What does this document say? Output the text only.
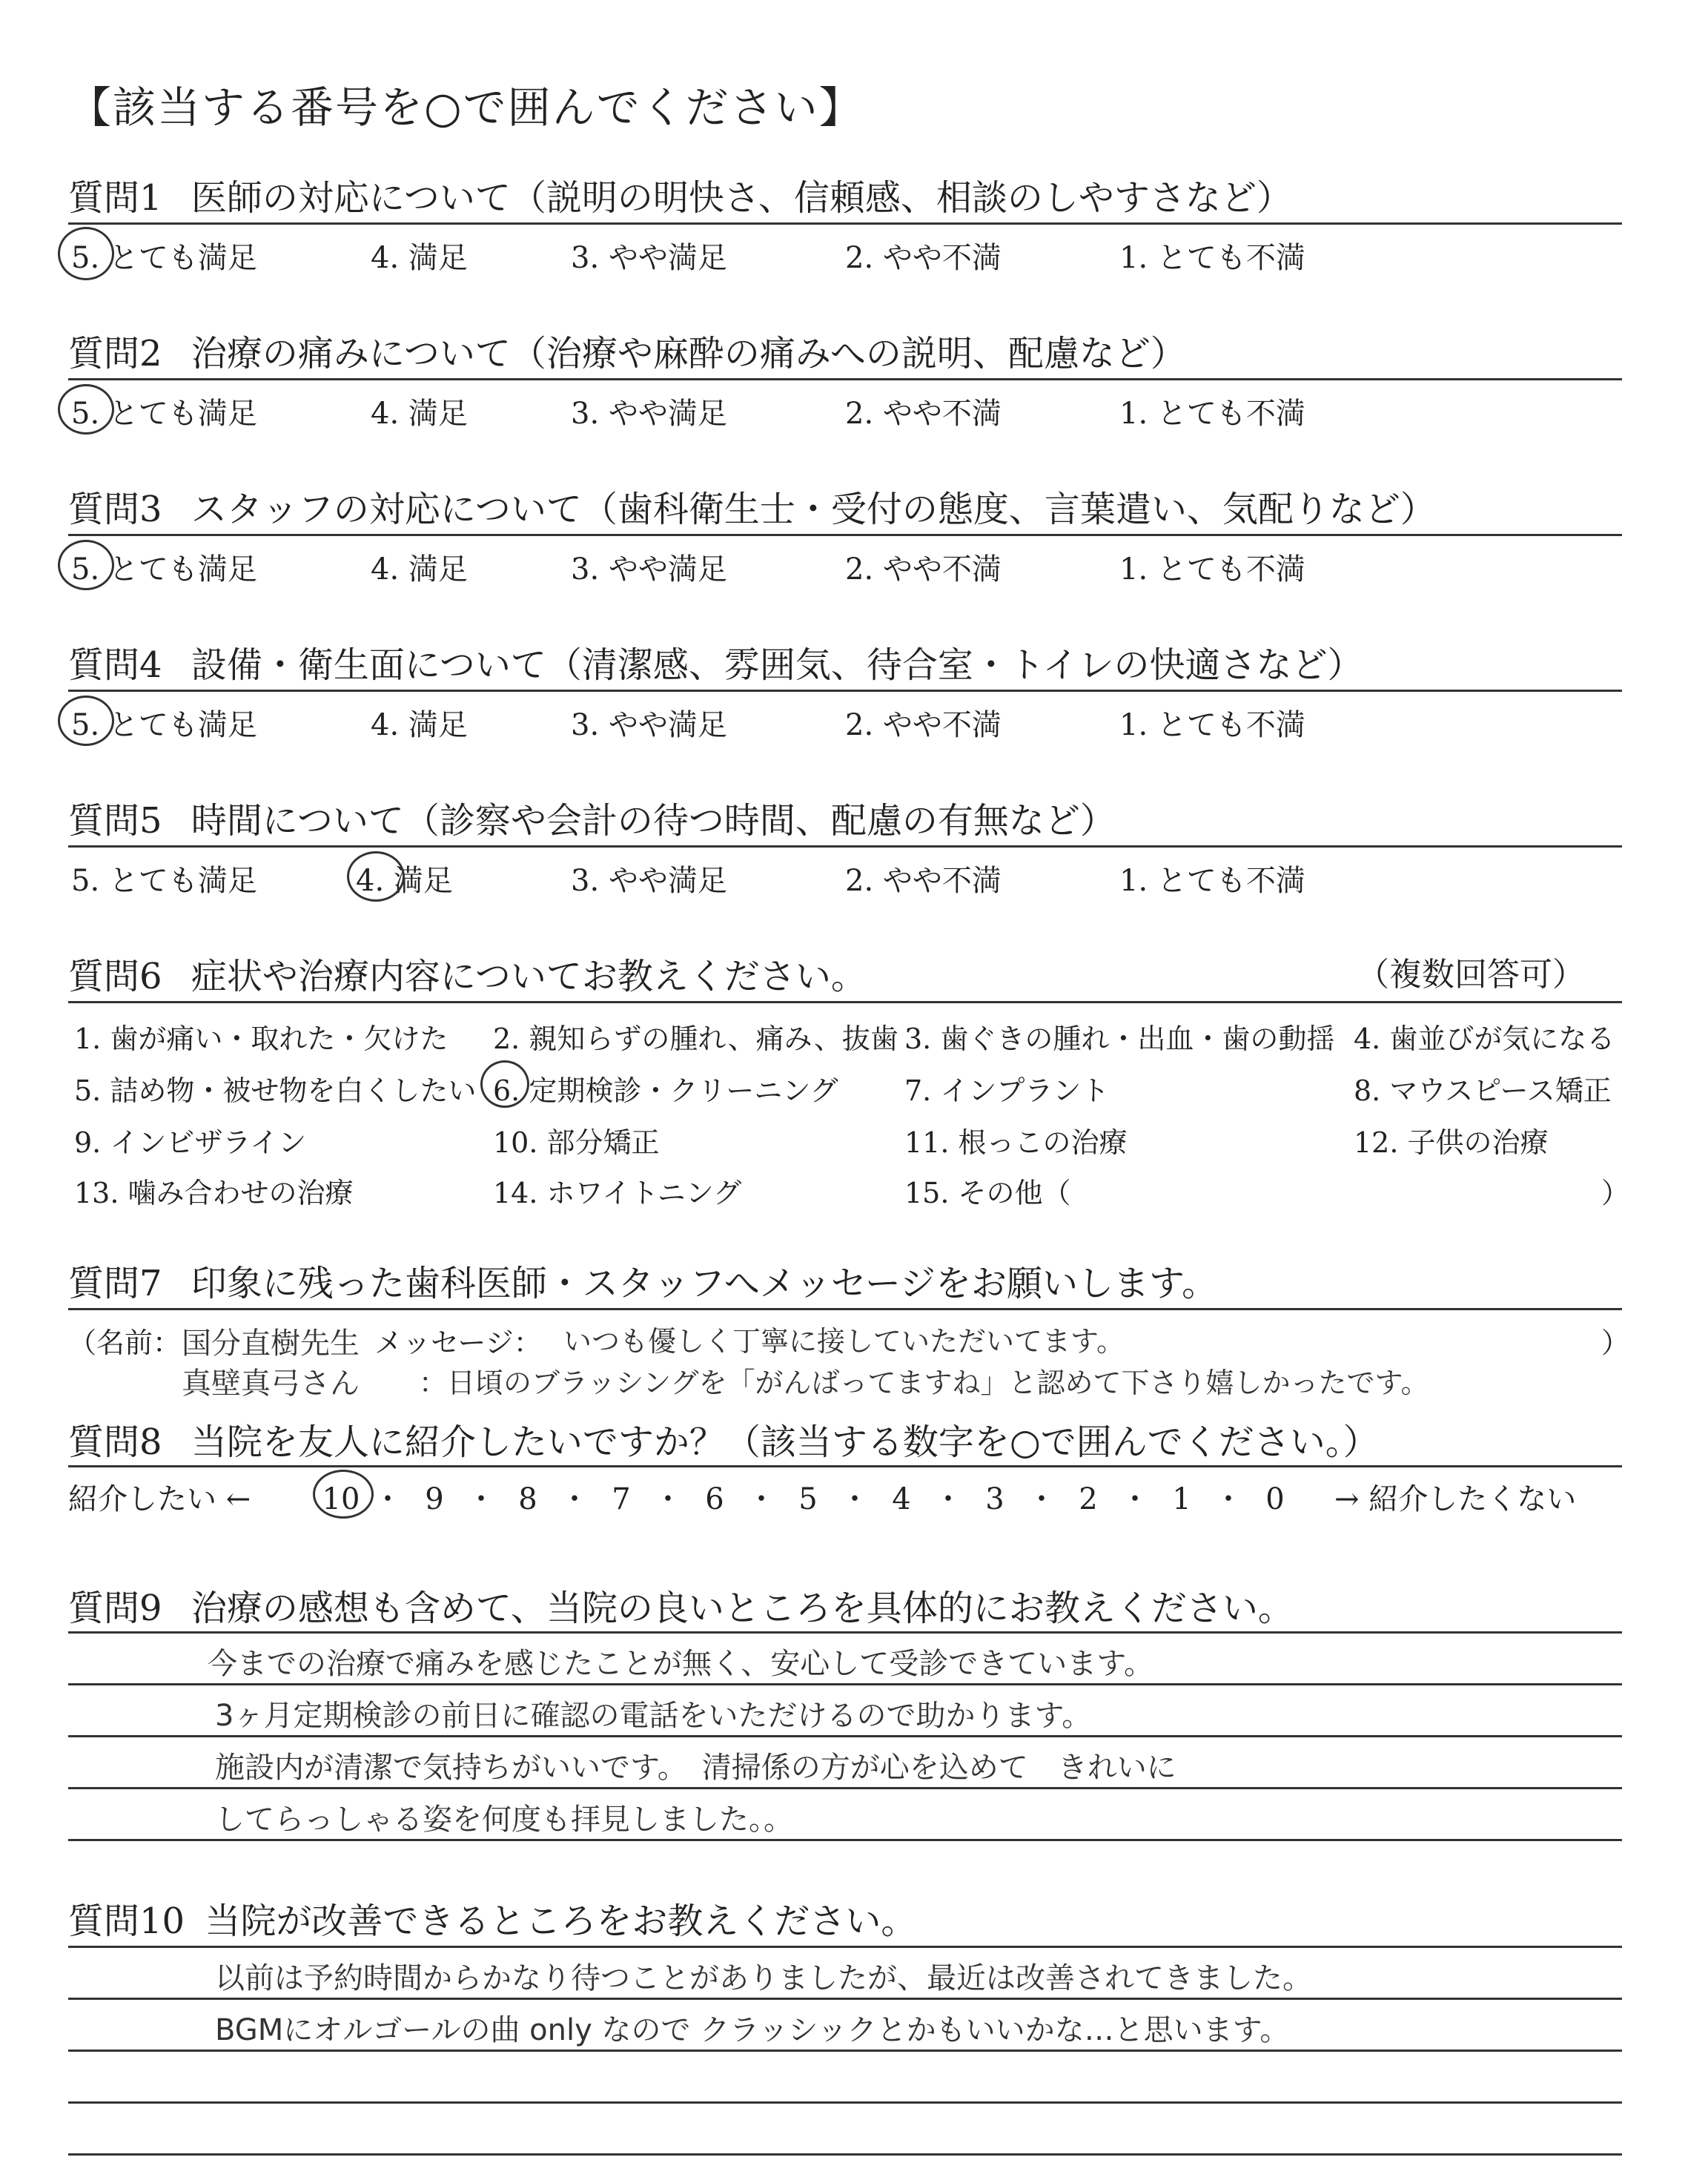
【該当する番号を○で囲んでください】
質問1 医師の対応について（説明の明快さ、信頼感、相談のしやすさなど）
5. とても満足	4. 満足	3. やや満足	2. やや不満	1. とても不満
質問2 治療の痛みについて（治療や麻酔の痛みへの説明、配慮など）
5. とても満足	4. 満足	3. やや満足	2. やや不満	1. とても不満
質問3 スタッフの対応について（歯科衛生士・受付の態度、言葉遣い、気配りなど）
5. とても満足	4. 満足	3. やや満足	2. やや不満	1. とても不満
質問4 設備・衛生面について（清潔感、雰囲気、待合室・トイレの快適さなど）
5. とても満足	4. 満足	3. やや満足	2. やや不満	1. とても不満
質問5 時間について（診察や会計の待つ時間、配慮の有無など）
5. とても満足	4. 満足	3. やや満足	2. やや不満	1. とても不満
質問6 症状や治療内容についてお教えください。	（複数回答可）
1. 歯が痛い・取れた・欠けた 2. 親知らずの腫れ、痛み、抜歯 3. 歯ぐきの腫れ・出血・歯の動揺 4. 歯並びが気になる
5. 詰め物・被せ物を白くしたい 6. 定期検診・クリーニング 7. インプラント	8. マウスピース矯正
9. インビザライン	10. 部分矯正	11. 根っこの治療	12. 子供の治療
13. 噛み合わせの治療	14. ホワイトニング	15. その他（	）
質問7 印象に残った歯科医師・スタッフへメッセージをお願いします。
（名前： 国分直樹先生 メッセージ： いつも優しく丁寧に接していただいてます。	）
真壁真弓さん ：日頃のブラッシングを「がんばってますね」と認めて下さり嬉しかったです。
質問8 当院を友人に紹介したいですか？（該当する数字を○で囲んでください。）
紹介したい ← 10 ・ 9 ・ 8 ・ 7 ・ 6 ・ 5 ・ 4 ・ 3 ・ 2 ・ 1 ・ 0	→ 紹介したくない
質問9 治療の感想も含めて、当院の良いところを具体的にお教えください。
今までの治療で痛みを感じたことが無く、安心して受診できています。
3ヶ月定期検診の前日に確認の電話をいただけるので助かります。
施設内が清潔で気持ちがいいです。　清掃係の方が心を込めて　きれいに
してらっしゃる姿を何度も拝見しました。。
質問10 当院が改善できるところをお教えください。
以前は予約時間からかなり待つことがありましたが、最近は改善されてきました。
BGMにオルゴールの曲 only なので クラッシックとかもいいかな…と思います。
